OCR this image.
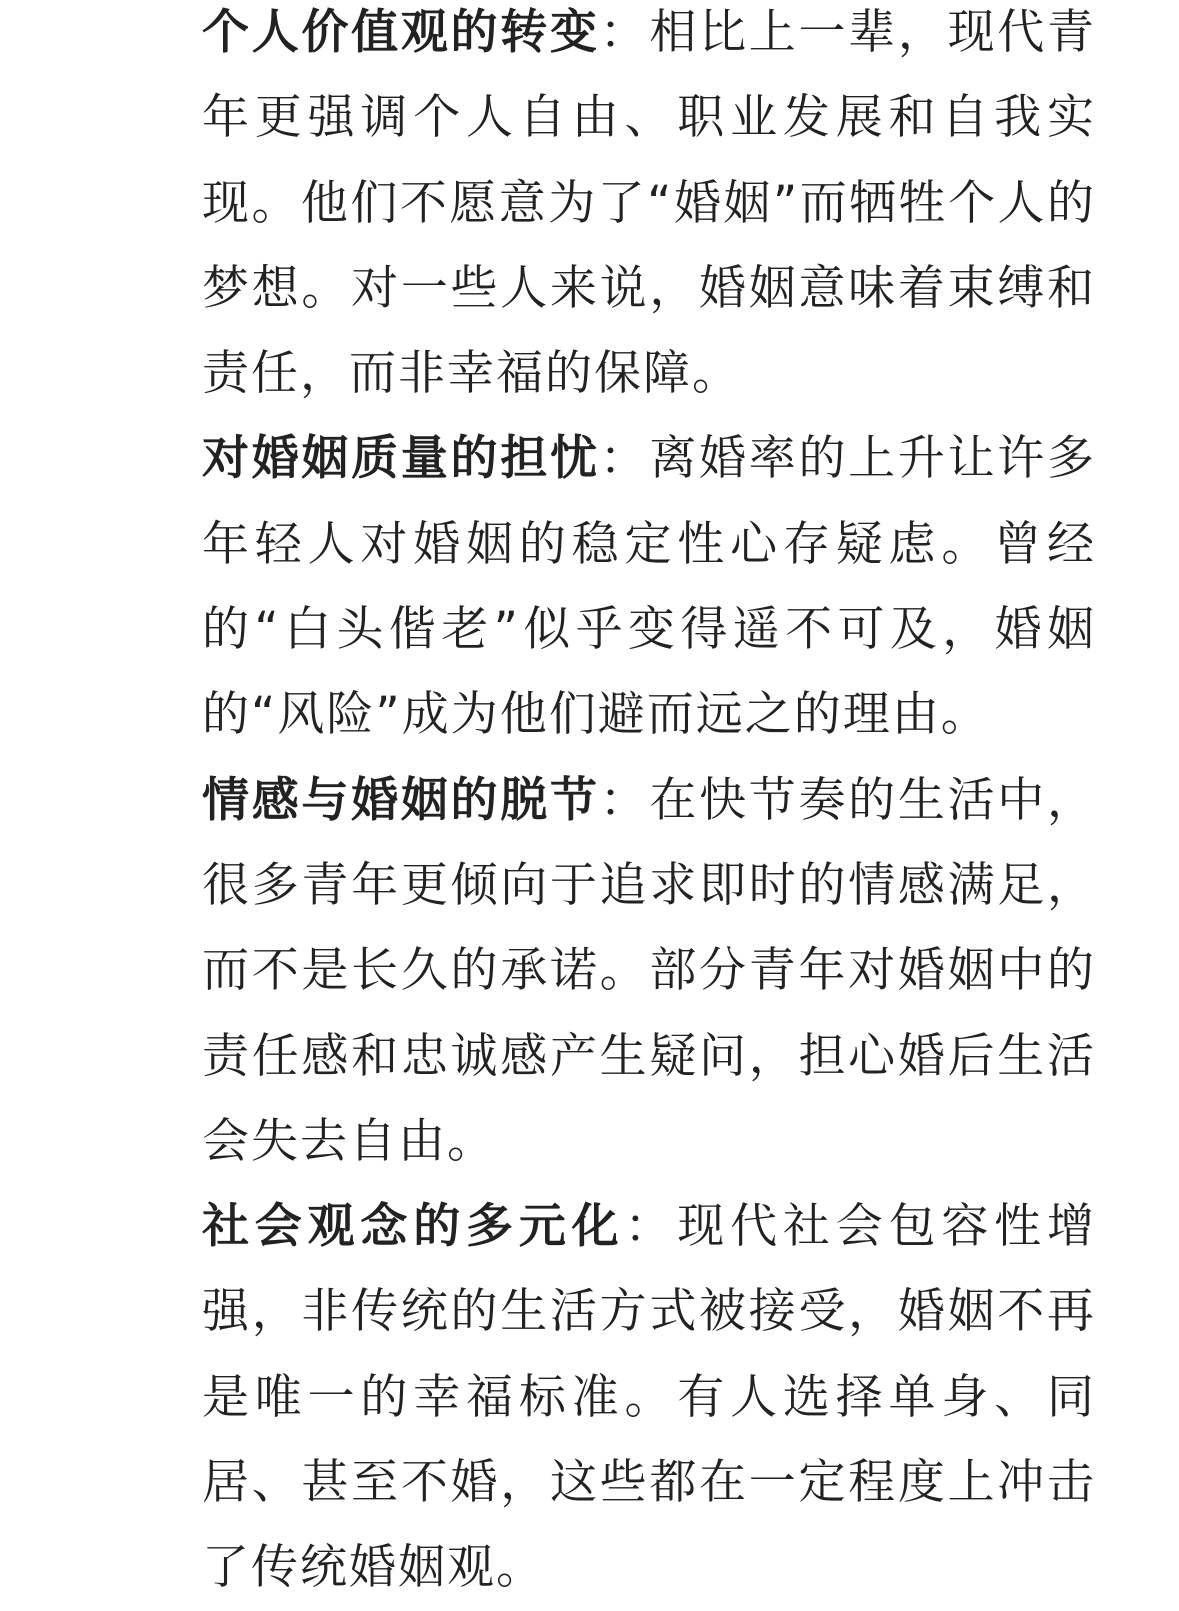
个人价值观的转变：相比上一辈，现代青年更强调个人自由、职业发展和自我实现。他们不愿意为了“婚姻”而牺牲个人的梦想。对一些人来说，婚姻意味着束缚和责任，而非幸福的保障。

对婚姻质量的担忧：离婚率的上升让许多年轻人对婚姻的稳定性心存疑虑。曾经的“白头偕老”似乎变得遥不可及，婚姻的“风险”成为他们避而远之的理由。

情感与婚姻的脱节：在快节奏的生活中，很多青年更倾向于追求即时的情感满足，而不是长久的承诺。部分青年对婚姻中的责任感和忠诚感产生疑问，担心婚后生活会失去自由。

社会观念的多元化：现代社会包容性增强，非传统的生活方式被接受，婚姻不再是唯一的幸福标准。有人选择单身、同居、甚至不婚，这些都在一定程度上冲击了传统婚姻观。
